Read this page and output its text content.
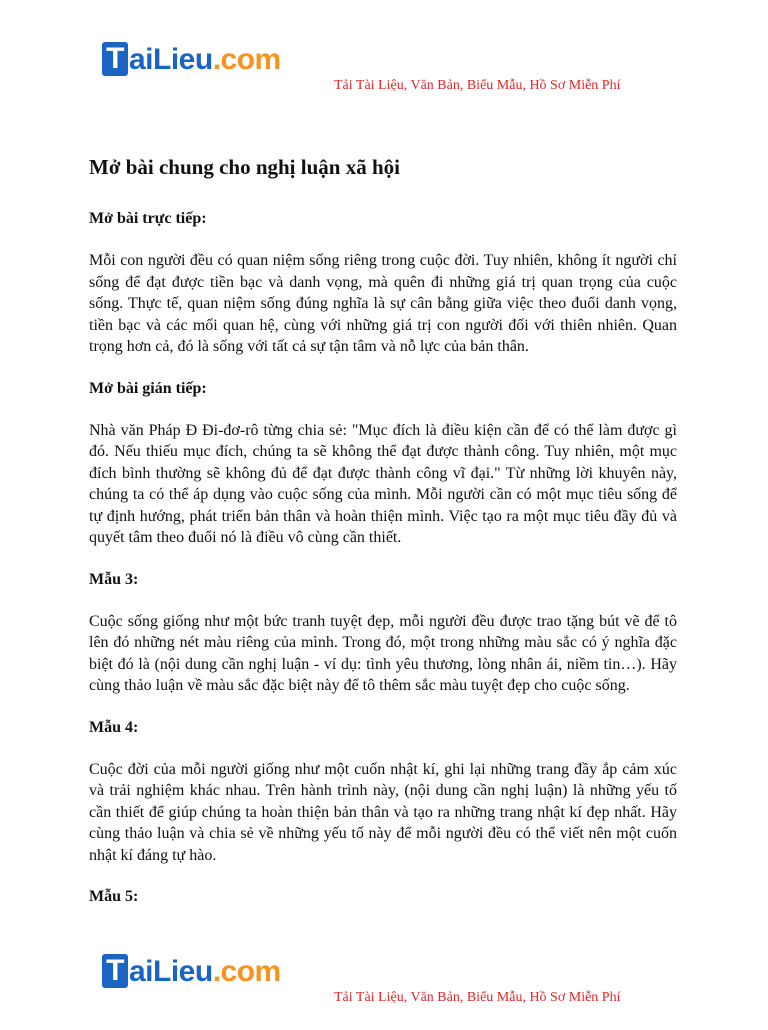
T aiLieu.com
Tải Tài Liệu, Văn Bản, Biểu Mẫu, Hồ Sơ Miễn Phí
Mở bài chung cho nghị luận xã hội
Mở bài trực tiếp:
Mỗi con người đều có quan niệm sống riêng trong cuộc đời. Tuy nhiên, không ít người chỉ sống để đạt được tiền bạc và danh vọng, mà quên đi những giá trị quan trọng của cuộc sống. Thực tế, quan niệm sống đúng nghĩa là sự cân bằng giữa việc theo đuổi danh vọng, tiền bạc và các mối quan hệ, cùng với những giá trị con người đối với thiên nhiên. Quan trọng hơn cả, đó là sống với tất cả sự tận tâm và nỗ lực của bản thân.
Mở bài gián tiếp:
Nhà văn Pháp Đ Đi-đơ-rô từng chia sẻ: "Mục đích là điều kiện cần để có thể làm được gì đó. Nếu thiếu mục đích, chúng ta sẽ không thể đạt được thành công. Tuy nhiên, một mục đích bình thường sẽ không đủ để đạt được thành công vĩ đại." Từ những lời khuyên này, chúng ta có thể áp dụng vào cuộc sống của mình. Mỗi người cần có một mục tiêu sống để tự định hướng, phát triển bản thân và hoàn thiện mình. Việc tạo ra một mục tiêu đầy đủ và quyết tâm theo đuổi nó là điều vô cùng cần thiết.
Mẫu 3:
Cuộc sống giống như một bức tranh tuyệt đẹp, mỗi người đều được trao tặng bút vẽ để tô lên đó những nét màu riêng của mình. Trong đó, một trong những màu sắc có ý nghĩa đặc biệt đó là (nội dung cần nghị luận - ví dụ: tình yêu thương, lòng nhân ái, niềm tin…). Hãy cùng thảo luận về màu sắc đặc biệt này để tô thêm sắc màu tuyệt đẹp cho cuộc sống.
Mẫu 4:
Cuộc đời của mỗi người giống như một cuốn nhật kí, ghi lại những trang đầy ắp cảm xúc và trải nghiệm khác nhau. Trên hành trình này, (nội dung cần nghị luận) là những yếu tố cần thiết để giúp chúng ta hoàn thiện bản thân và tạo ra những trang nhật kí đẹp nhất. Hãy cùng thảo luận và chia sẻ về những yếu tố này để mỗi người đều có thể viết nên một cuốn nhật kí đáng tự hào.
Mẫu 5:
T aiLieu.com
Tải Tài Liệu, Văn Bản, Biểu Mẫu, Hồ Sơ Miễn Phí
